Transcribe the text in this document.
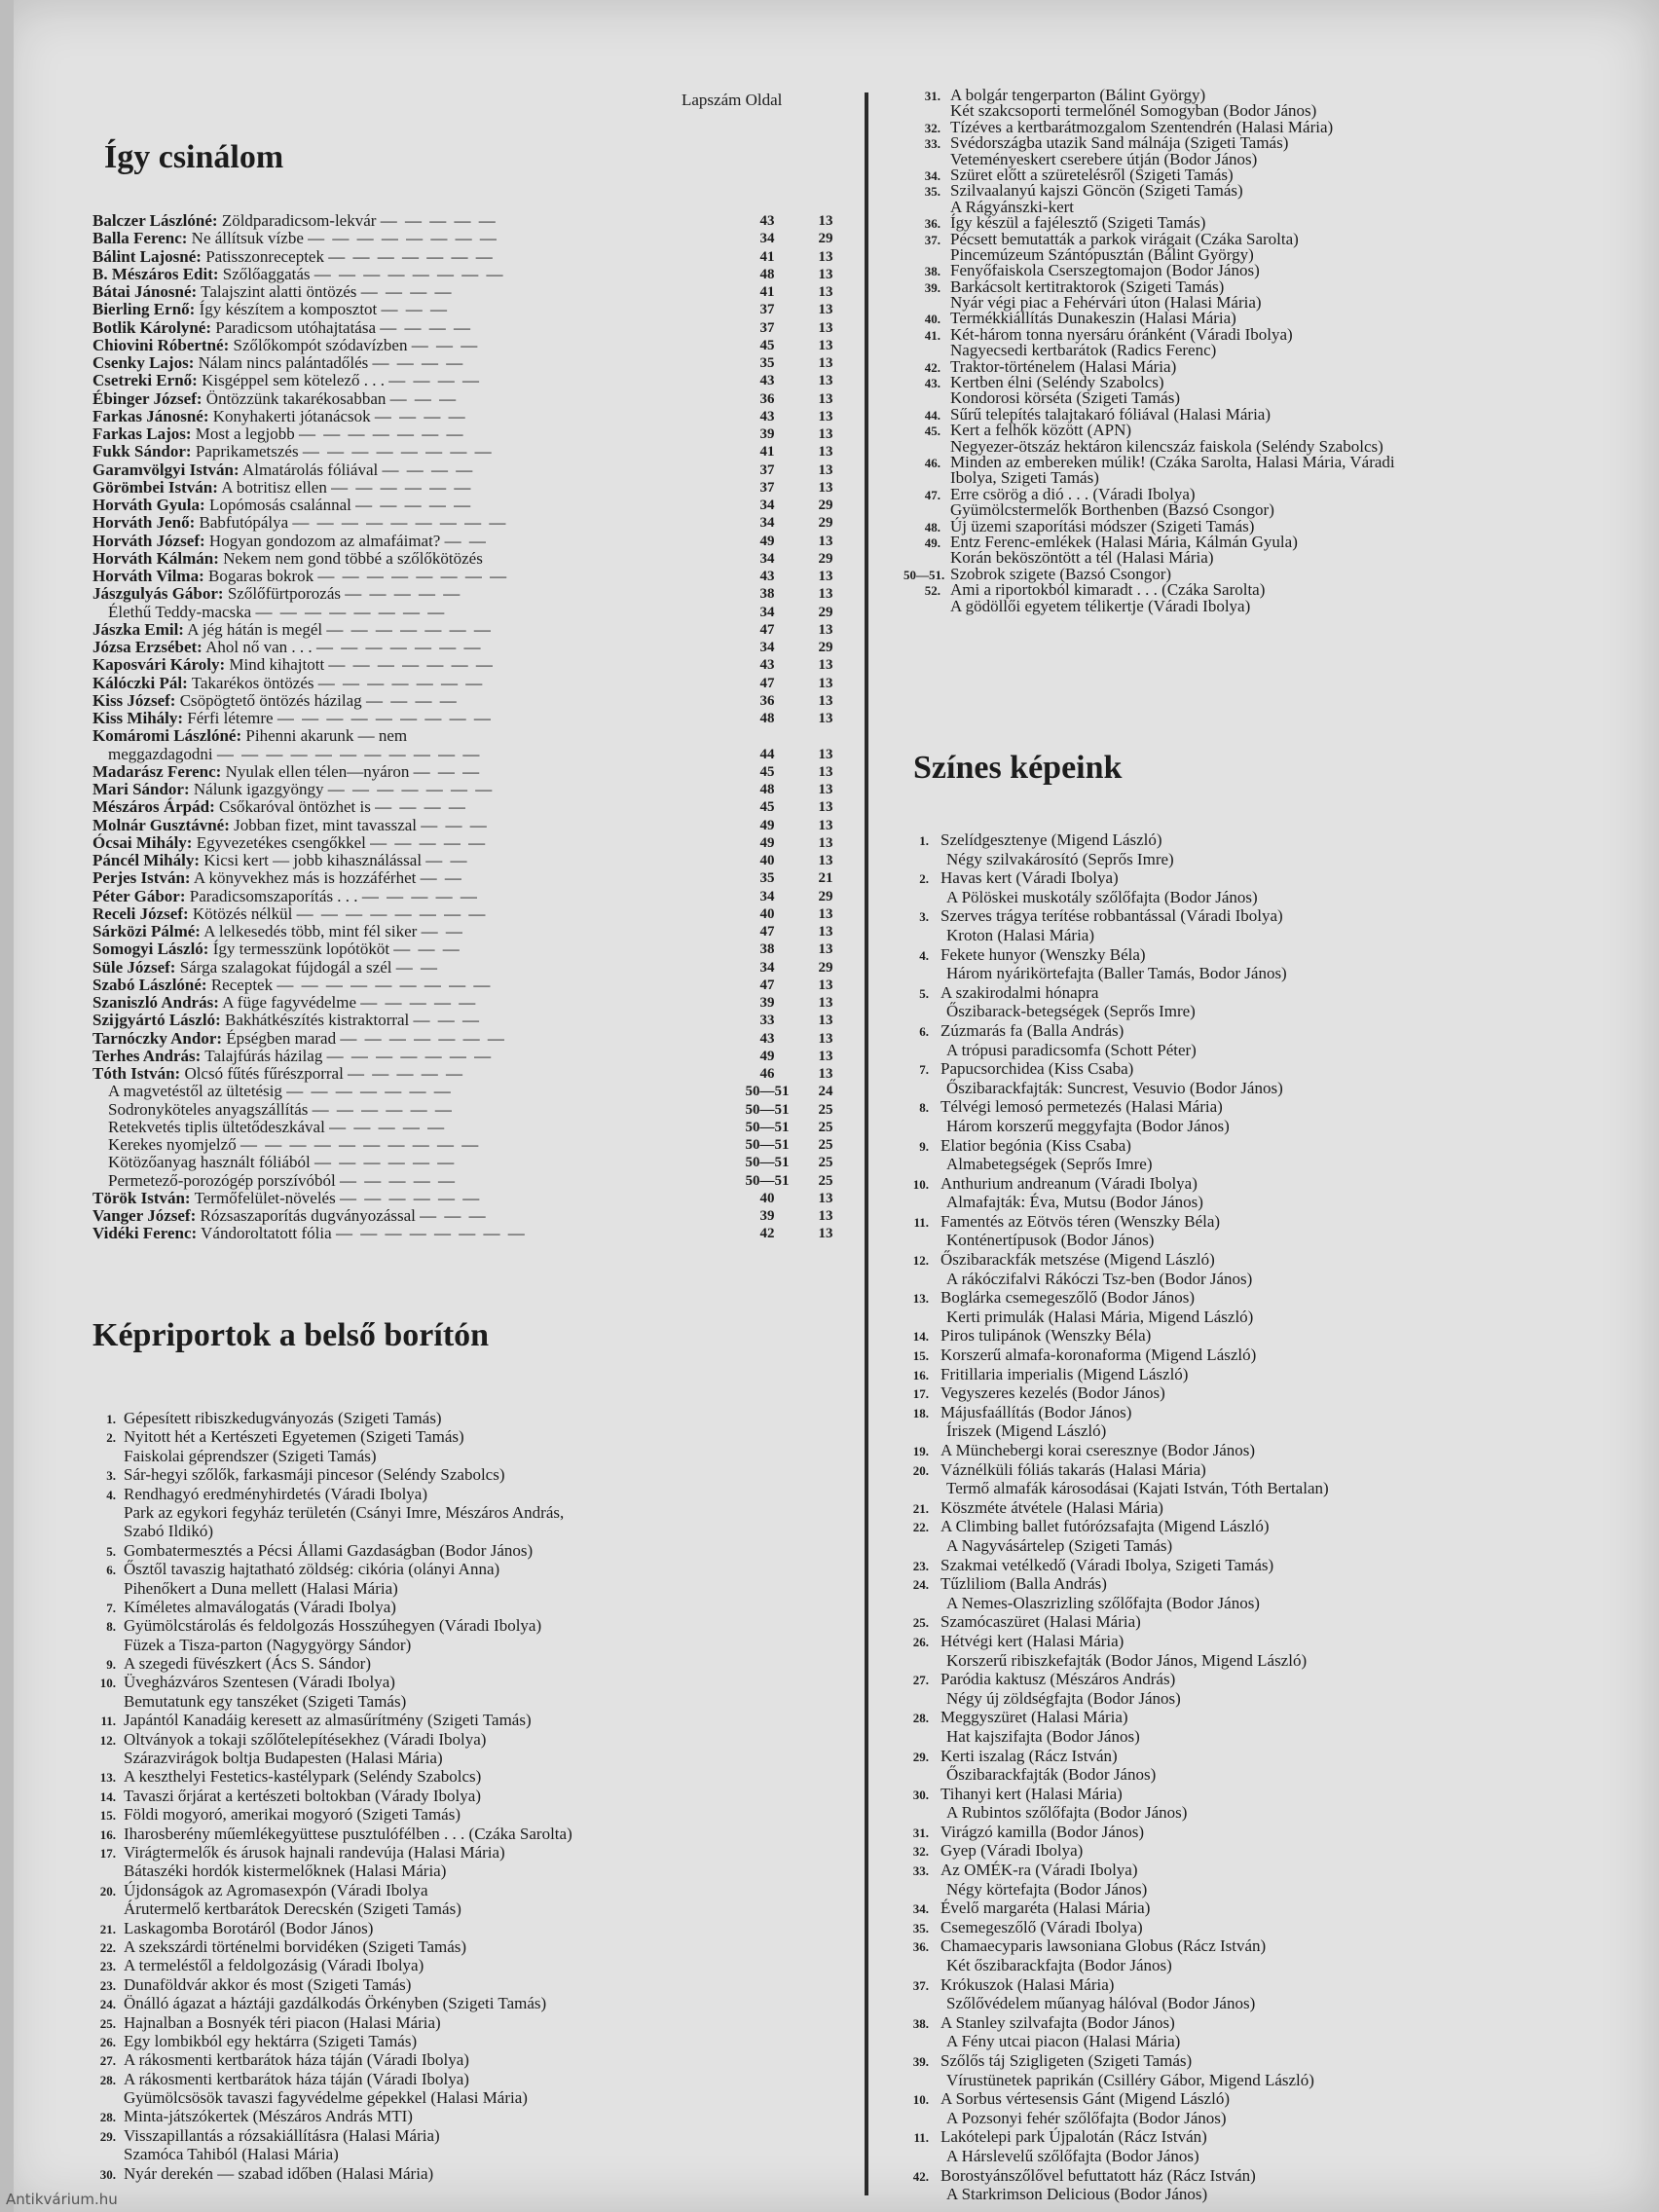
Lapszám Oldal
Így csinálom
Balczer Lászlóné: Zöldparadicsom-lekvár — — — — —	43	13
Balla Ferenc: Ne állítsuk vízbe — — — — — — — —	34	29
Bálint Lajosné: Patisszonreceptek — — — — — — —	41	13
B. Mészáros Edit: Szőlőaggatás — — — — — — — —	48	13
Bátai Jánosné: Talajszint alatti öntözés — — — —	41	13
Bierling Ernő: Így készítem a komposztot — — —	37	13
Botlik Károlyné: Paradicsom utóhajtatása — — — —	37	13
Chiovini Róbertné: Szőlőkompót szódavízben — — —	45	13
Csenky Lajos: Nálam nincs palántadőlés — — — —	35	13
Csetreki Ernő: Kisgéppel sem kötelező . . . — — — —	43	13
Ébinger József: Öntözzünk takarékosabban — — —	36	13
Farkas Jánosné: Konyhakerti jótanácsok — — — —	43	13
Farkas Lajos: Most a legjobb — — — — — — —	39	13
Fukk Sándor: Paprikametszés — — — — — — — —	41	13
Garamvölgyi István: Almatárolás fóliával — — — —	37	13
Görömbei István: A botritisz ellen — — — — — —	37	13
Horváth Gyula: Lopómosás csalánnal — — — — —	34	29
Horváth Jenő: Babfutópálya — — — — — — — — —	34	29
Horváth József: Hogyan gondozom az almafáimat? — —	49	13
Horváth Kálmán: Nekem nem gond többé a szőlőkötözés	34	29
Horváth Vilma: Bogaras bokrok — — — — — — — —	43	13
Jászgulyás Gábor: Szőlőfürtporozás — — — — —	38	13
Élethű Teddy-macska — — — — — — — —	34	29
Jászka Emil: A jég hátán is megél — — — — — — —	47	13
Józsa Erzsébet: Ahol nő van . . . — — — — — — —	34	29
Kaposvári Károly: Mind kihajtott — — — — — — —	43	13
Kálóczki Pál: Takarékos öntözés — — — — — — —	47	13
Kiss József: Csöpögtető öntözés házilag — — — —	36	13
Kiss Mihály: Férfi létemre — — — — — — — — —	48	13
Komáromi Lászlóné: Pihenni akarunk — nem
meggazdagodni — — — — — — — — — — —	44	13
Madarász Ferenc: Nyulak ellen télen—nyáron — — —	45	13
Mari Sándor: Nálunk igazgyöngy — — — — — — —	48	13
Mészáros Árpád: Csőkaróval öntözhet is — — — —	45	13
Molnár Gusztávné: Jobban fizet, mint tavasszal — — —	49	13
Ócsai Mihály: Egyvezetékes csengőkkel — — — — —	49	13
Páncél Mihály: Kicsi kert — jobb kihasználással — —	40	13
Perjes István: A könyvekhez más is hozzáférhet — —	35	21
Péter Gábor: Paradicsomszaporítás . . . — — — — —	34	29
Receli József: Kötözés nélkül — — — — — — — —	40	13
Sárközi Pálmé: A lelkesedés több, mint fél siker — —	47	13
Somogyi László: Így termesszünk lopótököt — — —	38	13
Süle József: Sárga szalagokat fújdogál a szél — —	34	29
Szabó Lászlóné: Receptek — — — — — — — — —	47	13
Szaniszló András: A füge fagyvédelme — — — — —	39	13
Szijgyártó László: Bakhátkészítés kistraktorral — — —	33	13
Tarnóczky Andor: Épségben marad — — — — — — —	43	13
Terhes András: Talajfúrás házilag — — — — — — —	49	13
Tóth István: Olcsó fűtés fűrészporral — — — — —	46	13
A magvetéstől az ültetésig — — — — — — —	50—51	24
Sodronyköteles anyagszállítás — — — — — —	50—51	25
Retekvetés tiplis ültetődeszkával — — — — —	50—51	25
Kerekes nyomjelző — — — — — — — — — —	50—51	25
Kötözőanyag használt fóliából — — — — — —	50—51	25
Permetező-porozógép porszívóból — — — — —	50—51	25
Török István: Termőfelület-növelés — — — — — —	40	13
Vanger József: Rózsaszaporítás dugványozással — — —	39	13
Vidéki Ferenc: Vándoroltatott fólia — — — — — — — —	42	13
Képriportok a belső borítón
1. Gépesített ribiszkedugványozás (Szigeti Tamás)
2. Nyitott hét a Kertészeti Egyetemen (Szigeti Tamás)
Faiskolai géprendszer (Szigeti Tamás)
3. Sár-hegyi szőlők, farkasmáji pincesor (Seléndy Szabolcs)
4. Rendhagyó eredményhirdetés (Váradi Ibolya)
Park az egykori fegyház területén (Csányi Imre, Mészáros András,
Szabó Ildikó)
5. Gombatermesztés a Pécsi Állami Gazdaságban (Bodor János)
6. Ősztől tavaszig hajtatható zöldség: cikória (olányi Anna)
Pihenőkert a Duna mellett (Halasi Mária)
7. Kíméletes almaválogatás (Váradi Ibolya)
8. Gyümölcstárolás és feldolgozás Hosszúhegyen (Váradi Ibolya)
Füzek a Tisza-parton (Nagygyörgy Sándor)
9. A szegedi füvészkert (Ács S. Sándor)
10. Üvegházváros Szentesen (Váradi Ibolya)
Bemutatunk egy tanszéket (Szigeti Tamás)
11. Japántól Kanadáig keresett az almasűrítmény (Szigeti Tamás)
12. Oltványok a tokaji szőlőtelepítésekhez (Váradi Ibolya)
Szárazvirágok boltja Budapesten (Halasi Mária)
13. A keszthelyi Festetics-kastélypark (Seléndy Szabolcs)
14. Tavaszi őrjárat a kertészeti boltokban (Várady Ibolya)
15. Földi mogyoró, amerikai mogyoró (Szigeti Tamás)
16. Iharosberény műemlékegyüttese pusztulófélben . . . (Czáka Sarolta)
17. Virágtermelők és árusok hajnali randevúja (Halasi Mária)
Bátaszéki hordók kistermelőknek (Halasi Mária)
20. Újdonságok az Agromasexpón (Váradi Ibolya
Árutermelő kertbarátok Derecskén (Szigeti Tamás)
21. Laskagomba Borotáról (Bodor János)
22. A szekszárdi történelmi borvidéken (Szigeti Tamás)
23. A termeléstől a feldolgozásig (Váradi Ibolya)
23. Dunaföldvár akkor és most (Szigeti Tamás)
24. Önálló ágazat a háztáji gazdálkodás Örkényben (Szigeti Tamás)
25. Hajnalban a Bosnyék téri piacon (Halasi Mária)
26. Egy lombikból egy hektárra (Szigeti Tamás)
27. A rákosmenti kertbarátok háza táján (Váradi Ibolya)
28. A rákosmenti kertbarátok háza táján (Váradi Ibolya)
Gyümölcsösök tavaszi fagyvédelme gépekkel (Halasi Mária)
28. Minta-játszókertek (Mészáros András MTI)
29. Visszapillantás a rózsakiállításra (Halasi Mária)
Szamóca Tahiból (Halasi Mária)
30. Nyár derekén — szabad időben (Halasi Mária)
31. A bolgár tengerparton (Bálint György)
Két szakcsoporti termelőnél Somogyban (Bodor János)
32. Tízéves a kertbarátmozgalom Szentendrén (Halasi Mária)
33. Svédországba utazik Sand málnája (Szigeti Tamás)
Veteményeskert cserebere útján (Bodor János)
34. Szüret előtt a szüretelésről (Szigeti Tamás)
35. Szilvaalanyú kajszi Göncön (Szigeti Tamás)
A Rágyánszki-kert
36. Így készül a fajélesztő (Szigeti Tamás)
37. Pécsett bemutatták a parkok virágait (Czáka Sarolta)
Pincemúzeum Szántópusztán (Bálint György)
38. Fenyőfaiskola Cserszegtomajon (Bodor János)
39. Barkácsolt kertitraktorok (Szigeti Tamás)
Nyár végi piac a Fehérvári úton (Halasi Mária)
40. Termékkiállítás Dunakeszin (Halasi Mária)
41. Két-három tonna nyersáru óránként (Váradi Ibolya)
Nagyecsedi kertbarátok (Radics Ferenc)
42. Traktor-történelem (Halasi Mária)
43. Kertben élni (Seléndy Szabolcs)
Kondorosi körséta (Szigeti Tamás)
44. Sűrű telepítés talajtakaró fóliával (Halasi Mária)
45. Kert a felhők között (APN)
Negyezer-ötszáz hektáron kilencszáz faiskola (Seléndy Szabolcs)
46. Minden az embereken múlik! (Czáka Sarolta, Halasi Mária, Váradi
Ibolya, Szigeti Tamás)
47. Erre csörög a dió . . . (Váradi Ibolya)
Gyümölcstermelők Borthenben (Bazsó Csongor)
48. Új üzemi szaporítási módszer (Szigeti Tamás)
49. Entz Ferenc-emlékek (Halasi Mária, Kálmán Gyula)
Korán beköszöntött a tél (Halasi Mária)
50—51. Szobrok szigete (Bazsó Csongor)
52. Ami a riportokból kimaradt . . . (Czáka Sarolta)
A gödöllői egyetem télikertje (Váradi Ibolya)
Színes képeink
1. Szelídgesztenye (Migend László)
Négy szilvakárosító (Seprős Imre)
2. Havas kert (Váradi Ibolya)
A Pölöskei muskotály szőlőfajta (Bodor János)
3. Szerves trágya terítése robbantással (Váradi Ibolya)
Kroton (Halasi Mária)
4. Fekete hunyor (Wenszky Béla)
Három nyárikörtefajta (Baller Tamás, Bodor János)
5. A szakirodalmi hónapra
Őszibarack-betegségek (Seprős Imre)
6. Zúzmarás fa (Balla András)
A trópusi paradicsomfa (Schott Péter)
7. Papucsorchidea (Kiss Csaba)
Őszibarackfajták: Suncrest, Vesuvio (Bodor János)
8. Télvégi lemosó permetezés (Halasi Mária)
Három korszerű meggyfajta (Bodor János)
9. Elatior begónia (Kiss Csaba)
Almabetegségek (Seprős Imre)
10. Anthurium andreanum (Váradi Ibolya)
Almafajták: Éva, Mutsu (Bodor János)
11. Famentés az Eötvös téren (Wenszky Béla)
Konténertípusok (Bodor János)
12. Őszibarackfák metszése (Migend László)
A rákóczifalvi Rákóczi Tsz-ben (Bodor János)
13. Boglárka csemegeszőlő (Bodor János)
Kerti primulák (Halasi Mária, Migend László)
14. Piros tulipánok (Wenszky Béla)
15. Korszerű almafa-koronaforma (Migend László)
16. Fritillaria imperialis (Migend László)
17. Vegyszeres kezelés (Bodor János)
18. Májusfaállítás (Bodor János)
Íriszek (Migend László)
19. A Münchebergi korai cseresznye (Bodor János)
20. Váznélküli fóliás takarás (Halasi Mária)
Termő almafák károsodásai (Kajati István, Tóth Bertalan)
21. Köszméte átvétele (Halasi Mária)
22. A Climbing ballet futórózsafajta (Migend László)
A Nagyvásártelep (Szigeti Tamás)
23. Szakmai vetélkedő (Váradi Ibolya, Szigeti Tamás)
24. Tűzliliom (Balla András)
A Nemes-Olaszrizling szőlőfajta (Bodor János)
25. Szamócaszüret (Halasi Mária)
26. Hétvégi kert (Halasi Mária)
Korszerű ribiszkefajták (Bodor János, Migend László)
27. Paródia kaktusz (Mészáros András)
Négy új zöldségfajta (Bodor János)
28. Meggyszüret (Halasi Mária)
Hat kajszifajta (Bodor János)
29. Kerti iszalag (Rácz István)
Őszibarackfajták (Bodor János)
30. Tihanyi kert (Halasi Mária)
A Rubintos szőlőfajta (Bodor János)
31. Virágzó kamilla (Bodor János)
32. Gyep (Váradi Ibolya)
33. Az OMÉK-ra (Váradi Ibolya)
Négy körtefajta (Bodor János)
34. Évelő margaréta (Halasi Mária)
35. Csemegeszőlő (Váradi Ibolya)
36. Chamaecyparis lawsoniana Globus (Rácz István)
Két őszibarackfajta (Bodor János)
37. Krókuszok (Halasi Mária)
Szőlővédelem műanyag hálóval (Bodor János)
38. A Stanley szilvafajta (Bodor János)
A Fény utcai piacon (Halasi Mária)
39. Szőlős táj Szigligeten (Szigeti Tamás)
Vírustünetek paprikán (Csilléry Gábor, Migend László)
10. A Sorbus vértesensis Gánt (Migend László)
A Pozsonyi fehér szőlőfajta (Bodor János)
11. Lakótelepi park Újpalotán (Rácz István)
A Hárslevelű szőlőfajta (Bodor János)
42. Borostyánszőlővel befuttatott ház (Rácz István)
A Starkrimson Delicious (Bodor János)
Antikvárium.hu
